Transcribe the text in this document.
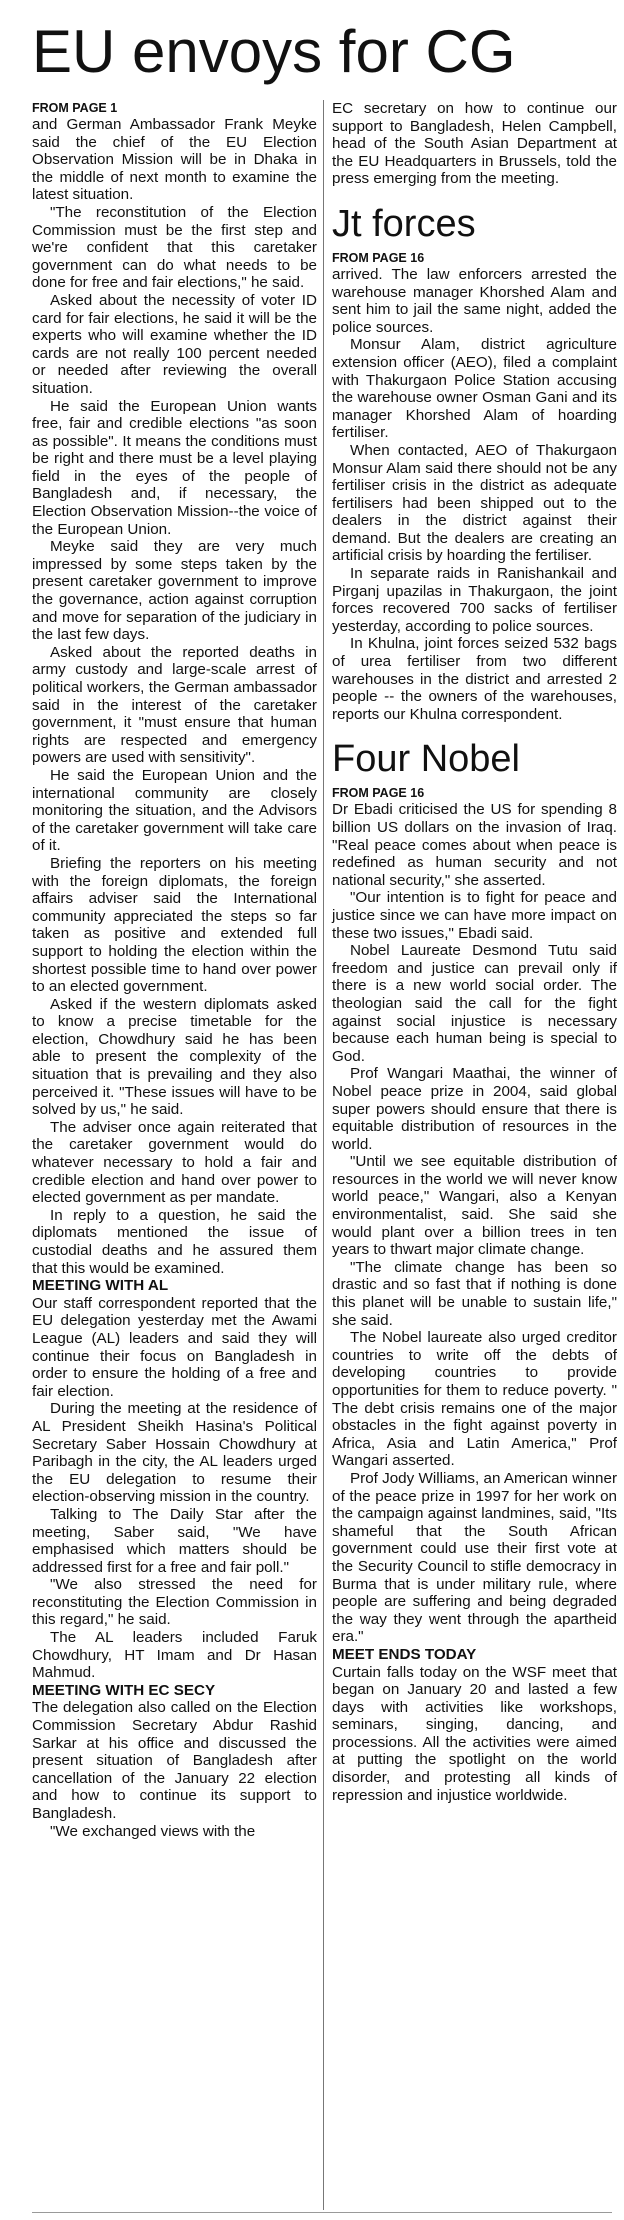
EU envoys for CG

FROM PAGE 1

and German Ambassador Frank Meyke said the chief of the EU Election Observation Mission will be in Dhaka in the middle of next month to examine the latest situation.

"The reconstitution of the Election Commission must be the first step and we're confident that this caretaker government can do what needs to be done for free and fair elections," he said.

Asked about the necessity of voter ID card for fair elections, he said it will be the experts who will examine whether the ID cards are not really 100 percent needed or needed after reviewing the overall situation.

He said the European Union wants free, fair and credible elections "as soon as possible". It means the conditions must be right and there must be a level playing field in the eyes of the people of Bangladesh and, if necessary, the Election Observation Mission--the voice of the European Union.

Meyke said they are very much impressed by some steps taken by the present caretaker government to improve the governance, action against corruption and move for separation of the judiciary in the last few days.

Asked about the reported deaths in army custody and large-scale arrest of political workers, the German ambassador said in the interest of the caretaker government, it "must ensure that human rights are respected and emergency powers are used with sensitivity".

He said the European Union and the international community are closely monitoring the situation, and the Advisors of the caretaker government will take care of it.

Briefing the reporters on his meeting with the foreign diplomats, the foreign affairs adviser said the International community appreciated the steps so far taken as positive and extended full support to holding the election within the shortest possible time to hand over power to an elected government.

Asked if the western diplomats asked to know a precise timetable for the election, Chowdhury said he has been able to present the complexity of the situation that is prevailing and they also perceived it. "These issues will have to be solved by us," he said.

The adviser once again reiterated that the caretaker government would do whatever necessary to hold a fair and credible election and hand over power to elected government as per mandate.

In reply to a question, he said the diplomats mentioned the issue of custodial deaths and he assured them that this would be examined.

MEETING WITH AL

Our staff correspondent reported that the EU delegation yesterday met the Awami League (AL) leaders and said they will continue their focus on Bangladesh in order to ensure the holding of a free and fair election.

During the meeting at the residence of AL President Sheikh Hasina's Political Secretary Saber Hossain Chowdhury at Paribagh in the city, the AL leaders urged the EU delegation to resume their election-observing mission in the country.

Talking to The Daily Star after the meeting, Saber said, "We have emphasised which matters should be addressed first for a free and fair poll."

"We also stressed the need for reconstituting the Election Commission in this regard," he said.

The AL leaders included Faruk Chowdhury, HT Imam and Dr Hasan Mahmud.

MEETING WITH EC SECY

The delegation also called on the Election Commission Secretary Abdur Rashid Sarkar at his office and discussed the present situation of Bangladesh after cancellation of the January 22 election and how to continue its support to Bangladesh.

"We exchanged views with the

EC secretary on how to continue our support to Bangladesh, Helen Campbell, head of the South Asian Department at the EU Headquarters in Brussels, told the press emerging from the meeting.

Jt forces

FROM PAGE 16

arrived. The law enforcers arrested the warehouse manager Khorshed Alam and sent him to jail the same night, added the police sources.

Monsur Alam, district agriculture extension officer (AEO), filed a complaint with Thakurgaon Police Station accusing the warehouse owner Osman Gani and its manager Khorshed Alam of hoarding fertiliser.

When contacted, AEO of Thakurgaon Monsur Alam said there should not be any fertiliser crisis in the district as adequate fertilisers had been shipped out to the dealers in the district against their demand. But the dealers are creating an artificial crisis by hoarding the fertiliser.

In separate raids in Ranishankail and Pirganj upazilas in Thakurgaon, the joint forces recovered 700 sacks of fertiliser yesterday, according to police sources.

In Khulna, joint forces seized 532 bags of urea fertiliser from two different warehouses in the district and arrested 2 people -- the owners of the warehouses, reports our Khulna correspondent.

Four Nobel

FROM PAGE 16

Dr Ebadi criticised the US for spending 8 billion US dollars on the invasion of Iraq. "Real peace comes about when peace is redefined as human security and not national security," she asserted.

"Our intention is to fight for peace and justice since we can have more impact on these two issues," Ebadi said.

Nobel Laureate Desmond Tutu said freedom and justice can prevail only if there is a new world social order. The theologian said the call for the fight against social injustice is necessary because each human being is special to God.

Prof Wangari Maathai, the winner of Nobel peace prize in 2004, said global super powers should ensure that there is equitable distribution of resources in the world.

"Until we see equitable distribution of resources in the world we will never know world peace," Wangari, also a Kenyan environmentalist, said. She said she would plant over a billion trees in ten years to thwart major climate change.

"The climate change has been so drastic and so fast that if nothing is done this planet will be unable to sustain life," she said.

The Nobel laureate also urged creditor countries to write off the debts of developing countries to provide opportunities for them to reduce poverty. " The debt crisis remains one of the major obstacles in the fight against poverty in Africa, Asia and Latin America," Prof Wangari asserted.

Prof Jody Williams, an American winner of the peace prize in 1997 for her work on the campaign against landmines, said, "Its shameful that the South African government could use their first vote at the Security Council to stifle democracy in Burma that is under military rule, where people are suffering and being degraded the way they went through the apartheid era."

MEET ENDS TODAY

Curtain falls today on the WSF meet that began on January 20 and lasted a few days with activities like workshops, seminars, singing, dancing, and processions. All the activities were aimed at putting the spotlight on the world disorder, and protesting all kinds of repression and injustice worldwide.
